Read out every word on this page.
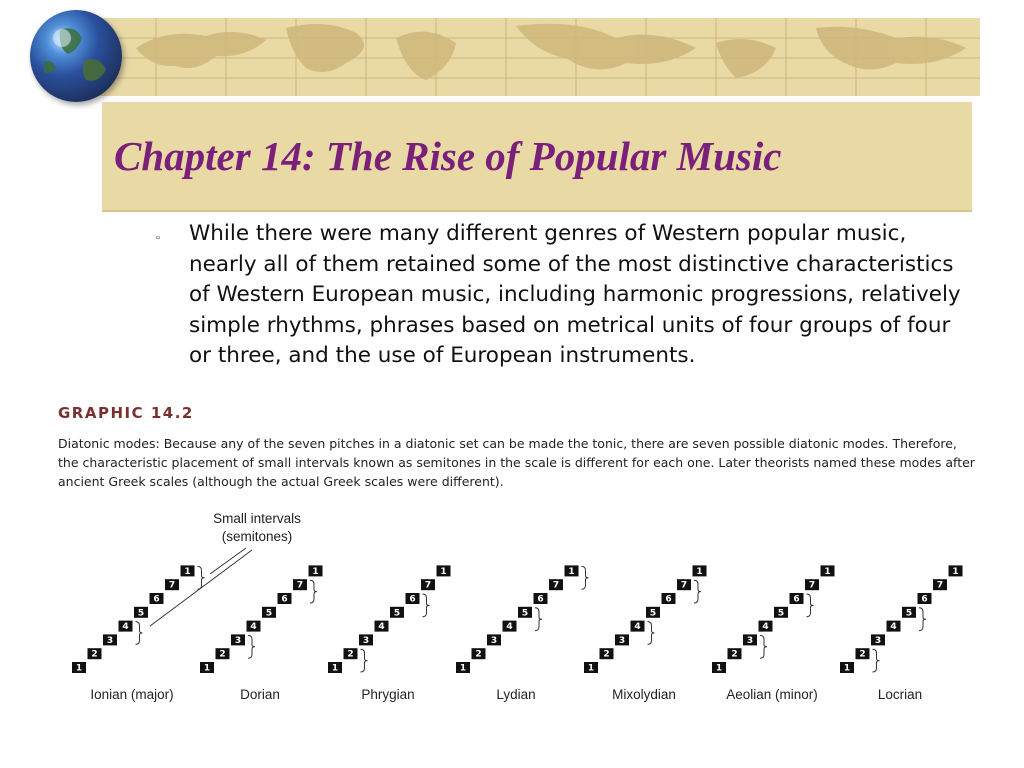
Chapter 14: The Rise of Popular Music
▫ While there were many different genres of Western popular music, nearly all of them retained some of the most distinctive characteristics of Western European music, including harmonic progressions, relatively simple rhythms, phrases based on metrical units of four groups of four or three, and the use of European instruments.

GRAPHIC 14.2

Diatonic modes: Because any of the seven pitches in a diatonic set can be made the tonic, there are seven possible diatonic modes. Therefore, the characteristic placement of small intervals known as semitones in the scale is different for each one. Later theorists named these modes after ancient Greek scales (although the actual Greek scales were different).

1
2
3
4
5
6
7
1
Ionian (major)
1
2
3
4
5
6
7
1
Dorian
1
2
3
4
5
6
7
1
Phrygian
1
2
3
4
5
6
7
1
Lydian
1
2
3
4
5
6
7
1
Mixolydian
1
2
3
4
5
6
7
1
Aeolian (minor)
1
2
3
4
5
6
7
1
Locrian
Small intervals
(semitones)
